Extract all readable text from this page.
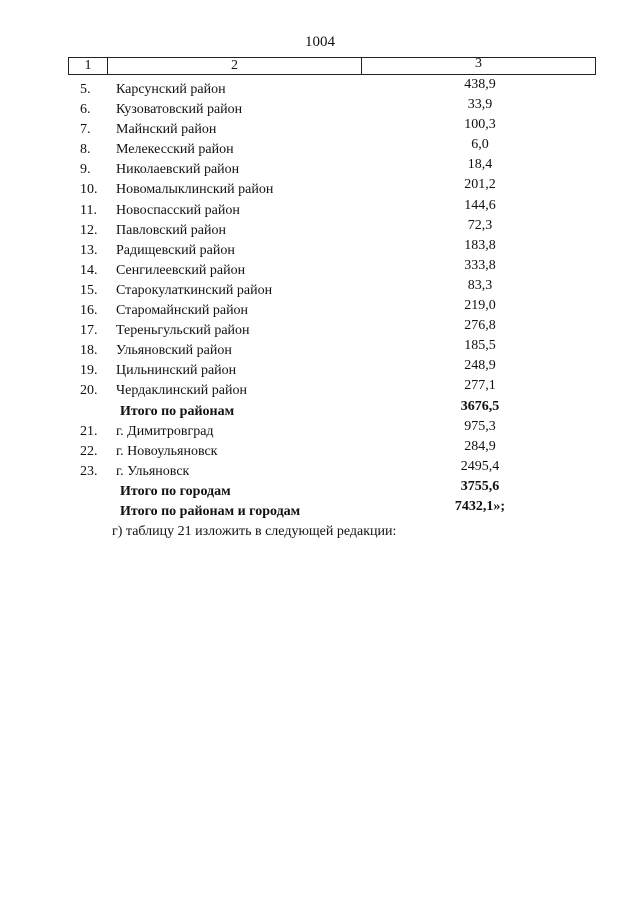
1004
1	2	3
5.	Карсунский район	438,9
6.	Кузоватовский район	33,9
7.	Майнский район	100,3
8.	Мелекесский район	6,0
9.	Николаевский район	18,4
10.	Новомалыклинский район	201,2
11.	Новоспасский район	144,6
12.	Павловский район	72,3
13.	Радищевский район	183,8
14.	Сенгилеевский район	333,8
15.	Старокулаткинский район	83,3
16.	Старомайнский район	219,0
17.	Тереньгульский район	276,8
18.	Ульяновский район	185,5
19.	Цильнинский район	248,9
20.	Чердаклинский район	277,1
Итого по районам	3676,5
21.	г. Димитровград	975,3
22.	г. Новоульяновск	284,9
23.	г. Ульяновск	2495,4
Итого по городам	3755,6
Итого по районам и городам	7432,1»;
г) таблицу 21 изложить в следующей редакции:
